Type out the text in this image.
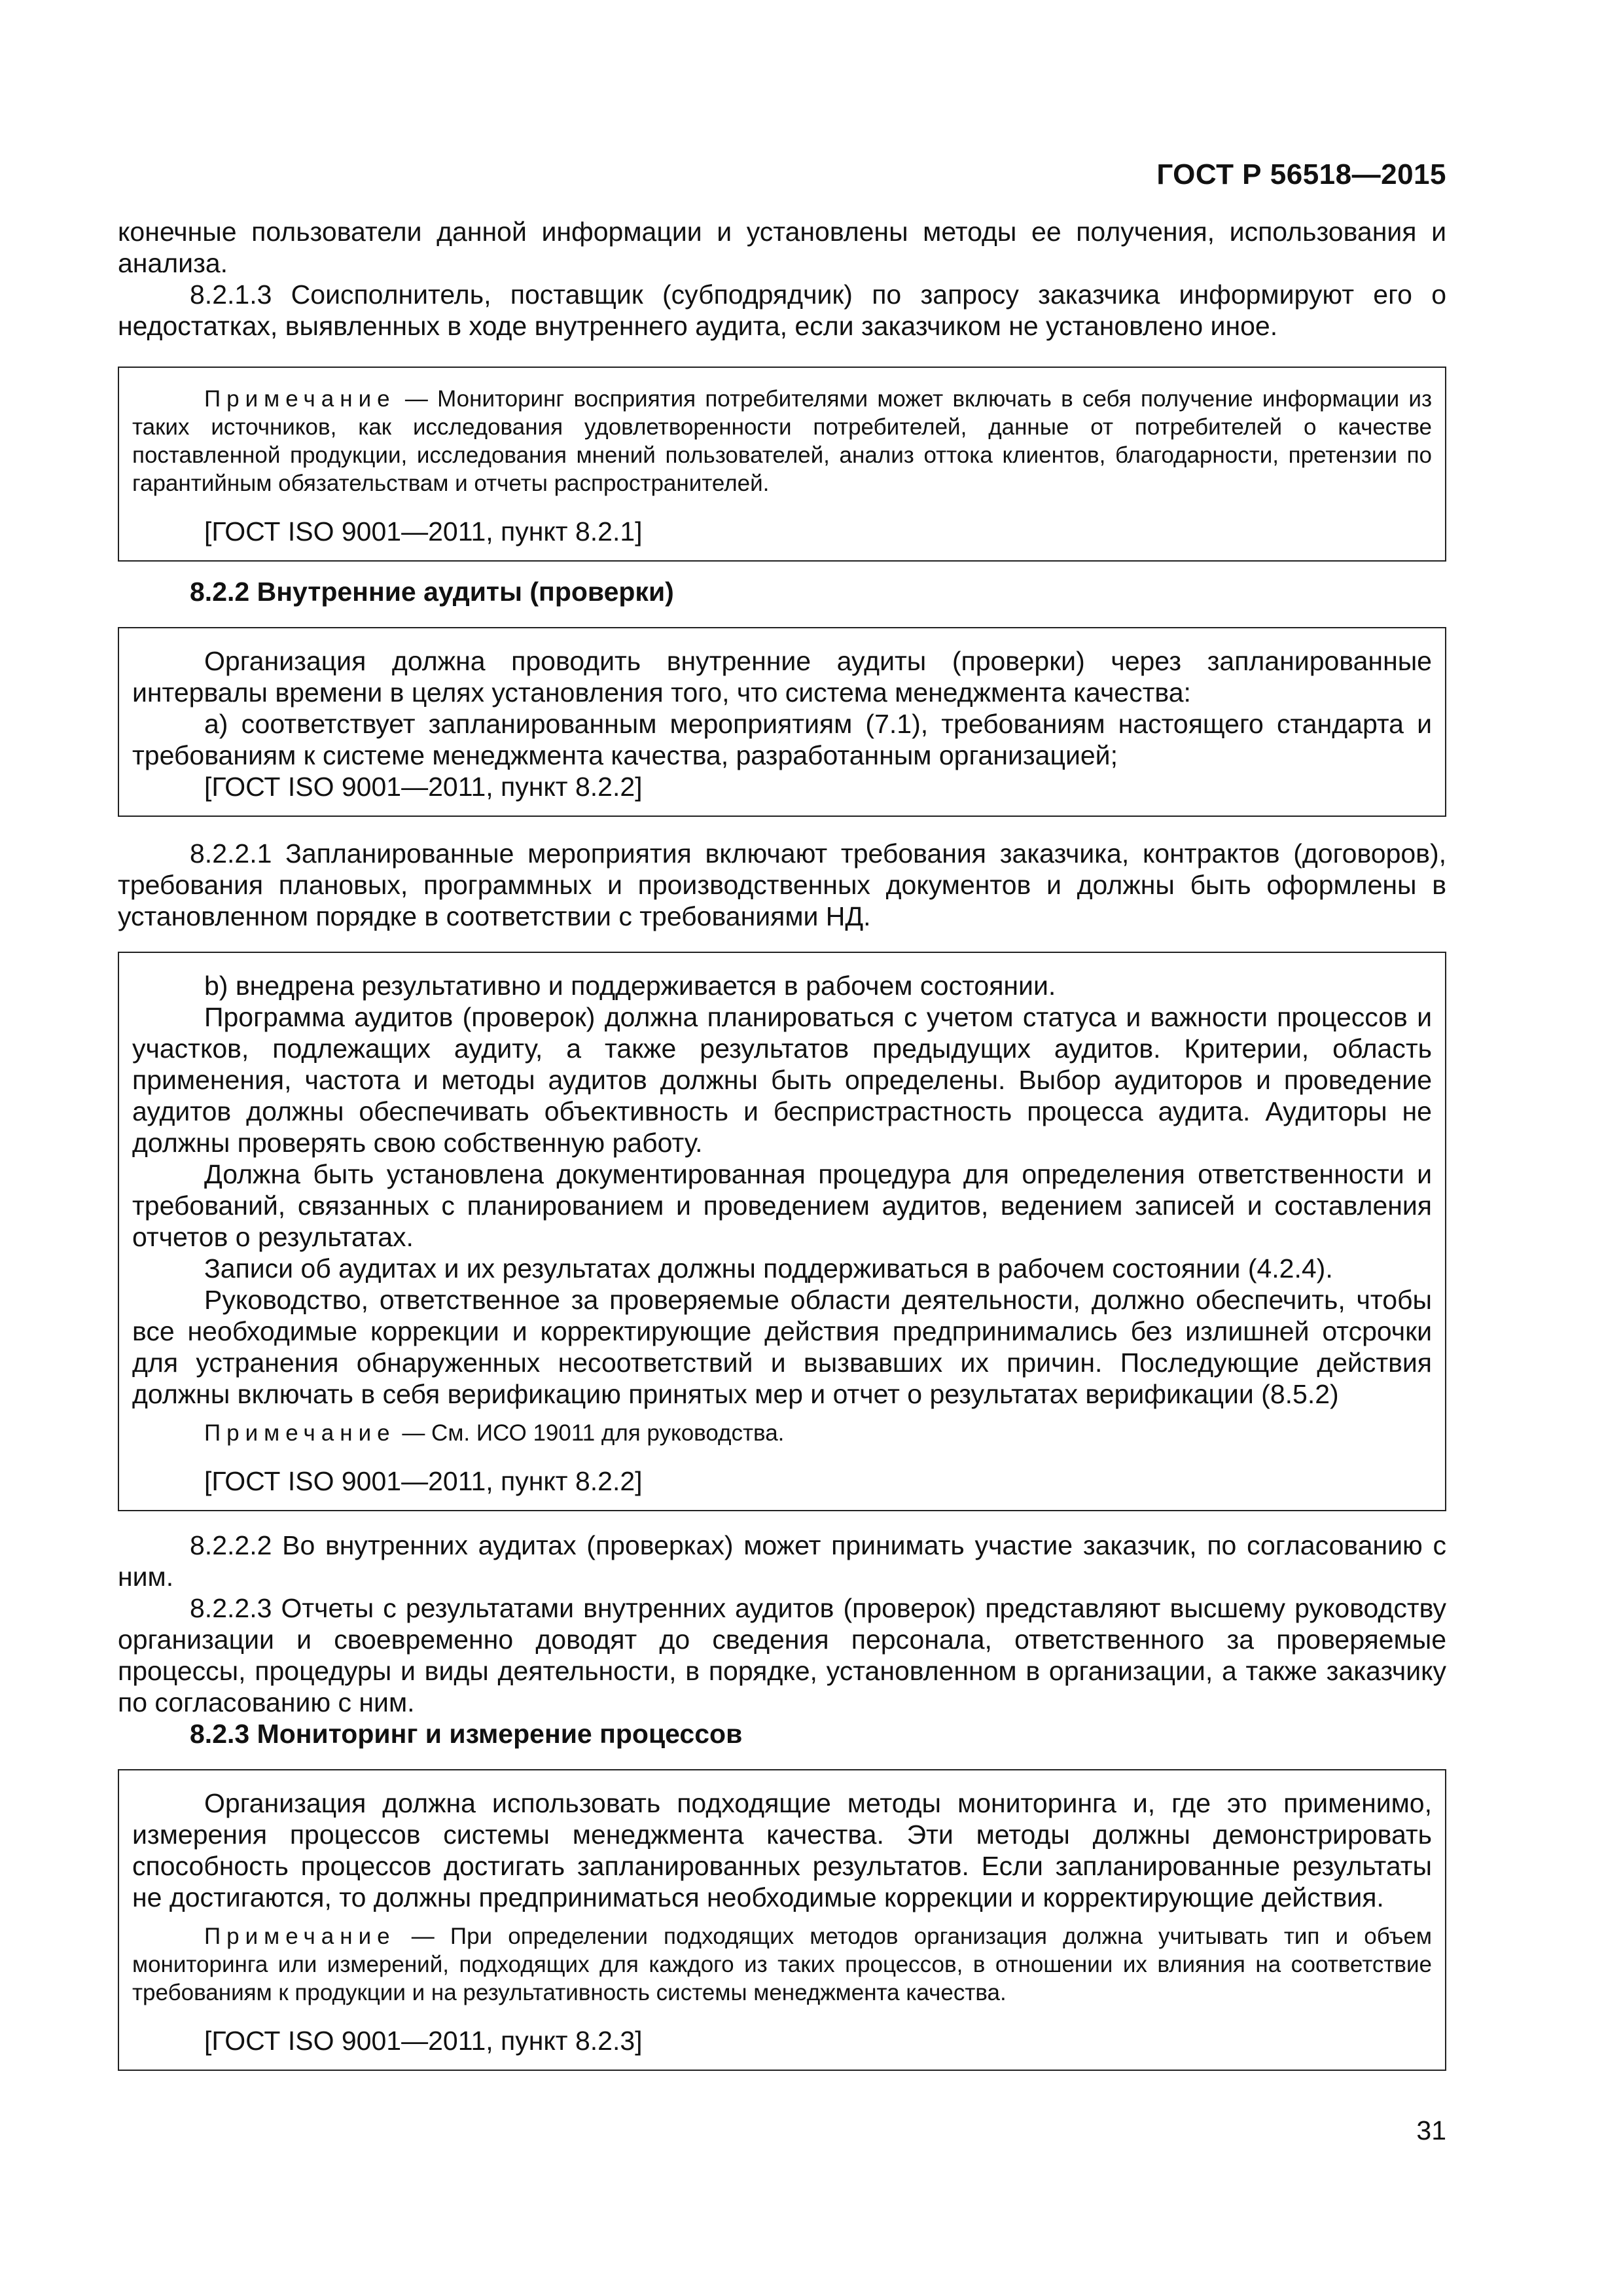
ГОСТ Р 56518—2015

конечные пользователи данной информации и установлены методы ее получения, использования и анализа.

8.2.1.3 Соисполнитель, поставщик (субподрядчик) по запросу заказчика информируют его о недостатках, выявленных в ходе внутреннего аудита, если заказчиком не установлено иное.

Примечание — Мониторинг восприятия потребителями может включать в себя получение информации из таких источников, как исследования удовлетворенности потребителей, данные от потребителей о качестве поставленной продукции, исследования мнений пользователей, анализ оттока клиентов, благодарности, претензии по гарантийным обязательствам и отчеты распространителей.

[ГОСТ ISO 9001—2011, пункт 8.2.1]

8.2.2 Внутренние аудиты (проверки)

Организация должна проводить внутренние аудиты (проверки) через запланированные интервалы времени в целях установления того, что система менеджмента качества:

a) соответствует запланированным мероприятиям (7.1), требованиям настоящего стандарта и требованиям к системе менеджмента качества, разработанным организацией;

[ГОСТ ISO 9001—2011, пункт 8.2.2]

8.2.2.1 Запланированные мероприятия включают требования заказчика, контрактов (договоров), требования плановых, программных и производственных документов и должны быть оформлены в установленном порядке в соответствии с требованиями НД.

b) внедрена результативно и поддерживается в рабочем состоянии.

Программа аудитов (проверок) должна планироваться с учетом статуса и важности процессов и участков, подлежащих аудиту, а также результатов предыдущих аудитов. Критерии, область применения, частота и методы аудитов должны быть определены. Выбор аудиторов и проведение аудитов должны обеспечивать объективность и беспристрастность процесса аудита. Аудиторы не должны проверять свою собственную работу.

Должна быть установлена документированная процедура для определения ответственности и требований, связанных с планированием и проведением аудитов, ведением записей и составления отчетов о результатах.

Записи об аудитах и их результатах должны поддерживаться в рабочем состоянии (4.2.4).

Руководство, ответственное за проверяемые области деятельности, должно обеспечить, чтобы все необходимые коррекции и корректирующие действия предпринимались без излишней отсрочки для устранения обнаруженных несоответствий и вызвавших их причин. Последующие действия должны включать в себя верификацию принятых мер и отчет о результатах верификации (8.5.2)

Примечание — См. ИСО 19011 для руководства.

[ГОСТ ISO 9001—2011, пункт 8.2.2]

8.2.2.2 Во внутренних аудитах (проверках) может принимать участие заказчик, по согласованию с ним.

8.2.2.3 Отчеты с результатами внутренних аудитов (проверок) представляют высшему руководству организации и своевременно доводят до сведения персонала, ответственного за проверяемые процессы, процедуры и виды деятельности, в порядке, установленном в организации, а также заказчику по согласованию с ним.

8.2.3 Мониторинг и измерение процессов

Организация должна использовать подходящие методы мониторинга и, где это применимо, измерения процессов системы менеджмента качества. Эти методы должны демонстрировать способность процессов достигать запланированных результатов. Если запланированные результаты не достигаются, то должны предприниматься необходимые коррекции и корректирующие действия.

Примечание — При определении подходящих методов организация должна учитывать тип и объем мониторинга или измерений, подходящих для каждого из таких процессов, в отношении их влияния на соответствие требованиям к продукции и на результативность системы менеджмента качества.

[ГОСТ ISO 9001—2011, пункт 8.2.3]

31
